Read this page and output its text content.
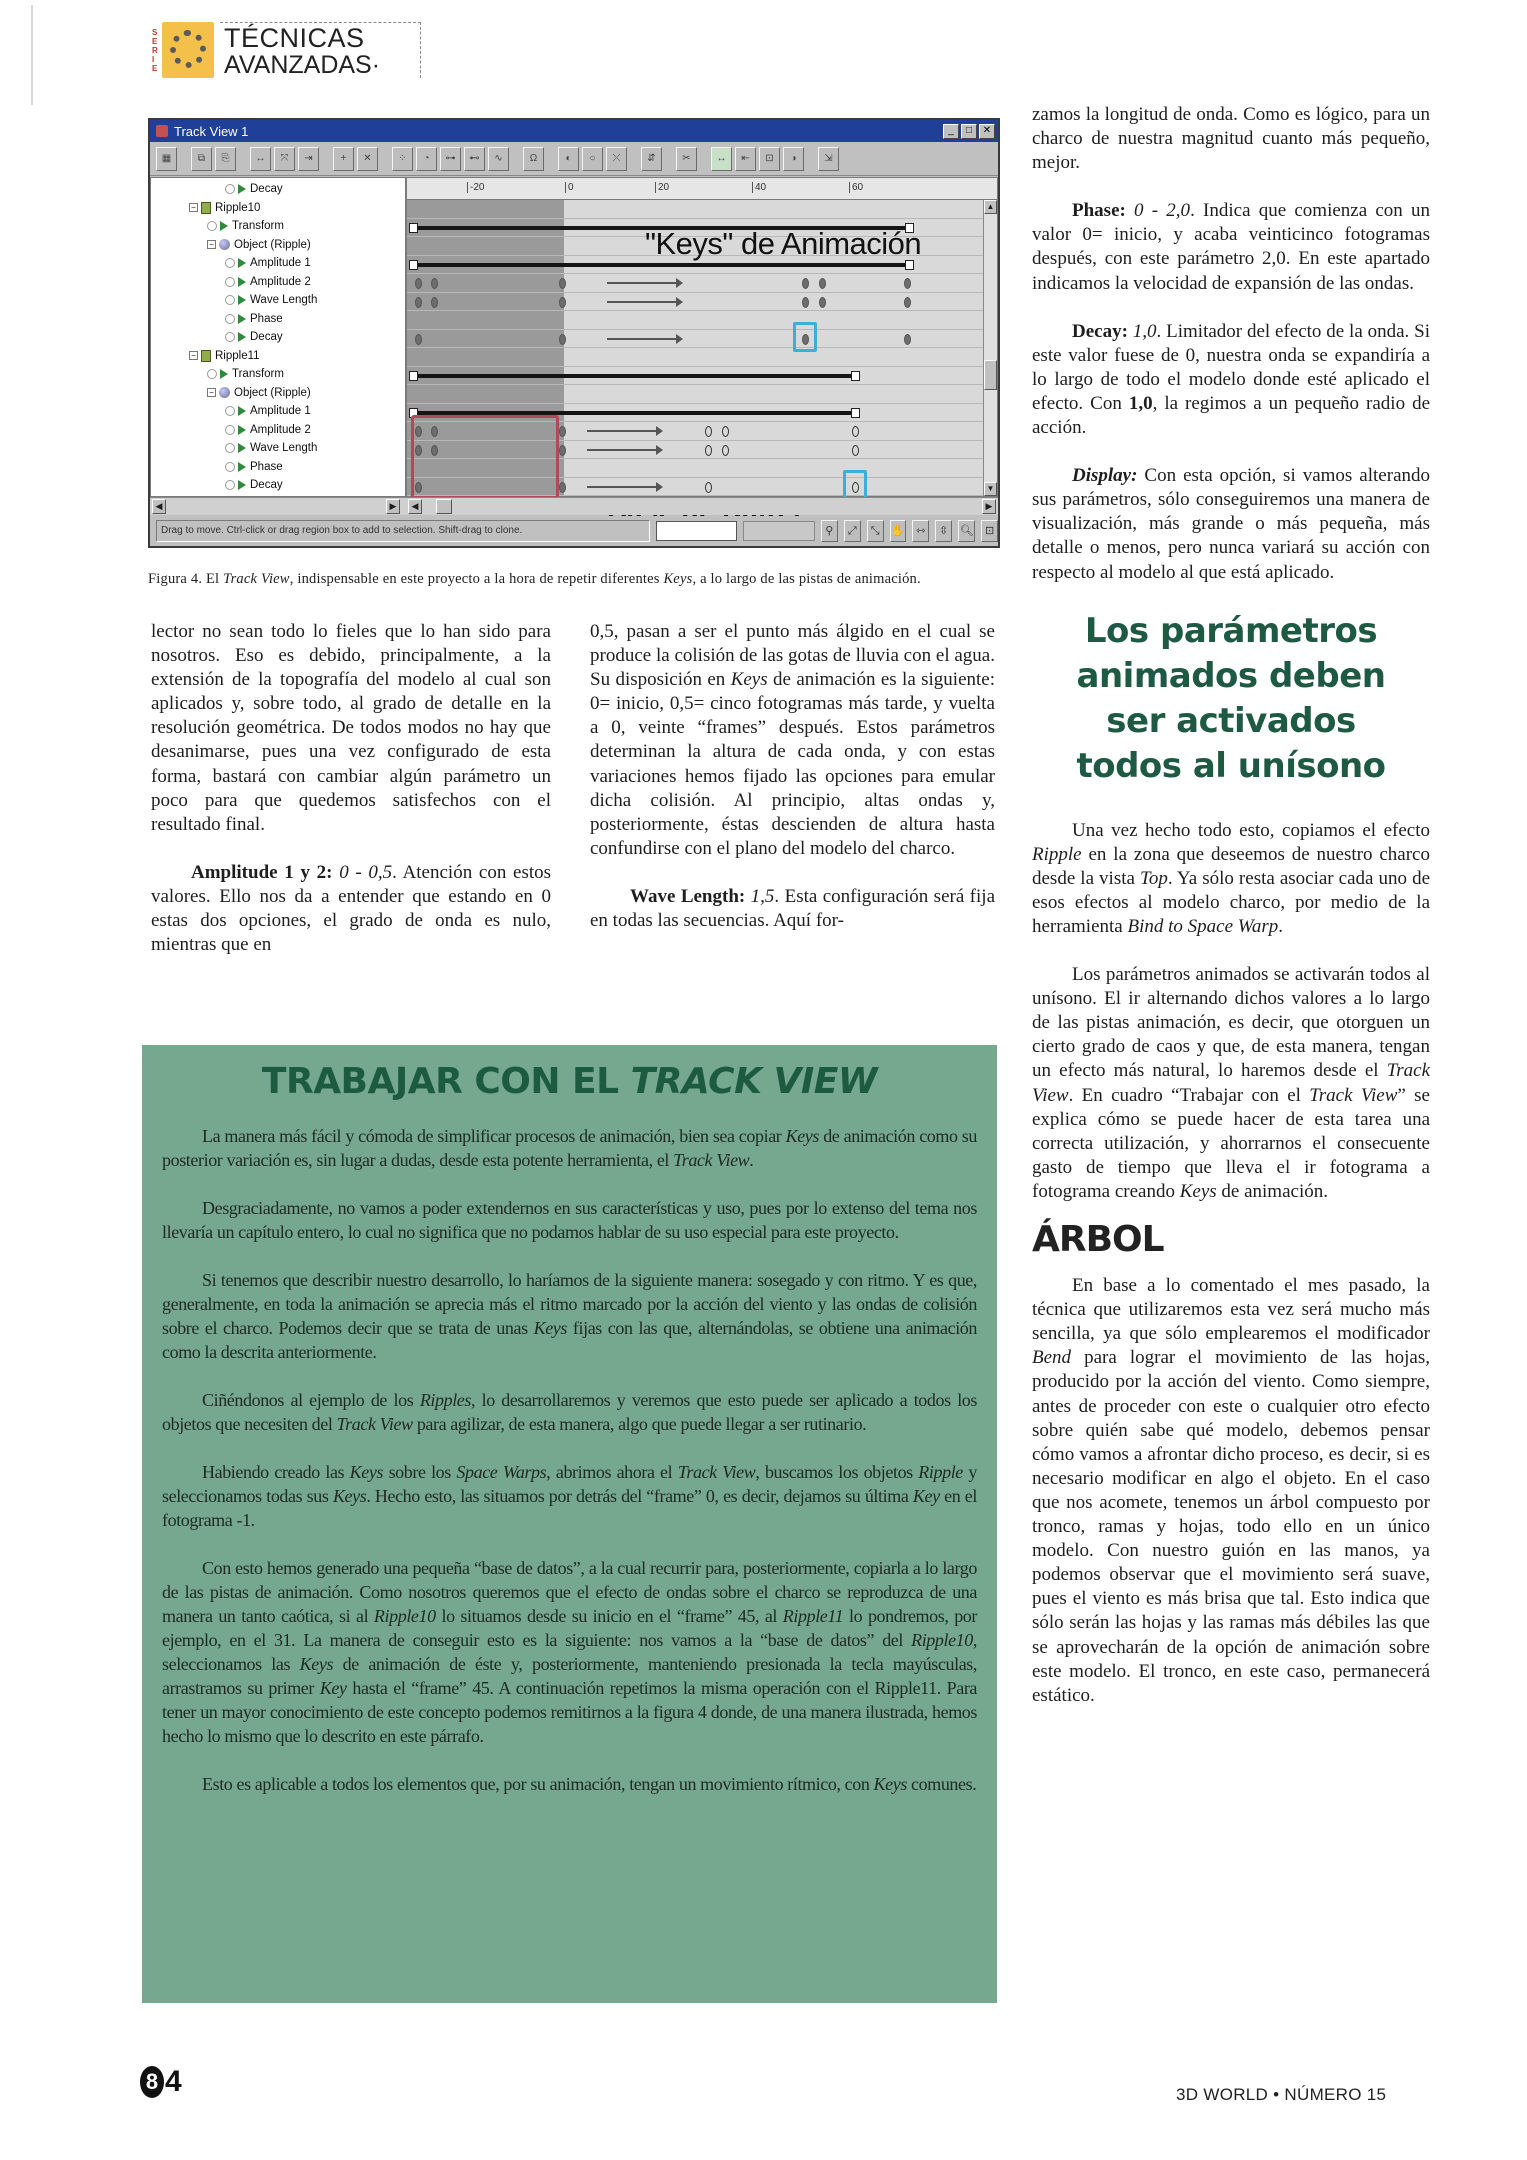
S
E
R
I
E
TÉCNICAS
AVANZADAS·
Track View 1	_	□	✕
▦	⧉	⎘	↔	⤧	⇥	+	✕	⁘	◔	⊶	⊷	∿	Ω	◐	○	⤬	⇵	✂	↔	⇤	⊡	◑	⇲
Decay
− Ripple10
Transform
− Object (Ripple)
Amplitude 1
Amplitude 2
Wave Length
Phase
Decay
− Ripple11
Transform
− Object (Ripple)
Amplitude 1
Amplitude 2
Wave Length
Phase
Decay
-20	0	20	40	60
"Keys" de Animación
▲
▼
◀	▶	◀	▶
Drag to move. Ctrl-click or drag region box to add to selection. Shift-drag to clone.	⚲	⤢	⤡	✋	⇿	⇳	🔍︎	⊡
Figura 4. El Track View, indispensable en este proyecto a la hora de repetir diferentes Keys, a lo largo de las pistas de animación.

lector no sean todo lo fieles que lo han sido para nosotros. Eso es debido, principalmente, a la extensión de la topografía del modelo al cual son aplicados y, sobre todo, al grado de detalle en la resolución geométrica. De todos modos no hay que desanimarse, pues una vez configurado de esta forma, bastará con cambiar algún parámetro un poco para que quedemos satisfechos con el resultado final.

Amplitude 1 y 2: 0 - 0,5. Atención con estos valores. Ello nos da a entender que estando en 0 estas dos opciones, el grado de onda es nulo, mientras que en

0,5, pasan a ser el punto más álgido en el cual se produce la colisión de las gotas de lluvia con el agua. Su disposición en Keys de animación es la siguiente: 0= inicio, 0,5= cinco fotogramas más tarde, y vuelta a 0, veinte “frames” después. Estos parámetros determinan la altura de cada onda, y con estas variaciones hemos fijado las opciones para emular dicha colisión. Al principio, altas ondas y, posteriormente, éstas descienden de altura hasta confundirse con el plano del modelo del charco.

Wave Length: 1,5. Esta configuración será fija en todas las secuencias. Aquí for-

zamos la longitud de onda. Como es lógico, para un charco de nuestra magnitud cuanto más pequeño, mejor.

Phase: 0 - 2,0. Indica que comienza con un valor 0= inicio, y acaba veinticinco fotogramas después, con este parámetro 2,0. En este apartado indicamos la velocidad de expansión de las ondas.

Decay: 1,0. Limitador del efecto de la onda. Si este valor fuese de 0, nuestra onda se expandiría a lo largo de todo el modelo donde esté aplicado el efecto. Con 1,0, la regimos a un pequeño radio de acción.

Display: Con esta opción, si vamos alterando sus parámetros, sólo conseguiremos una manera de visualización, más grande o más pequeña, más detalle o menos, pero nunca variará su acción con respecto al modelo al que está aplicado.

Los parámetros
animados deben
ser activados
todos al unísono

Una vez hecho todo esto, copiamos el efecto Ripple en la zona que deseemos de nuestro charco desde la vista Top. Ya sólo resta asociar cada uno de esos efectos al modelo charco, por medio de la herramienta Bind to Space Warp.

Los parámetros animados se activarán todos al unísono. El ir alternando dichos valores a lo largo de las pistas animación, es decir, que otorguen un cierto grado de caos y que, de esta manera, tengan un efecto más natural, lo haremos desde el Track View. En cuadro “Trabajar con el Track View” se explica cómo se puede hacer de esta tarea una correcta utilización, y ahorrarnos el consecuente gasto de tiempo que lleva el ir fotograma a fotograma creando Keys de animación.

ÁRBOL

En base a lo comentado el mes pasado, la técnica que utilizaremos esta vez será mucho más sencilla, ya que sólo emplearemos el modificador Bend para lograr el movimiento de las hojas, producido por la acción del viento. Como siempre, antes de proceder con este o cualquier otro efecto sobre quién sabe qué modelo, debemos pensar cómo vamos a afrontar dicho proceso, es decir, si es necesario modificar en algo el objeto. En el caso que nos acomete, tenemos un árbol compuesto por tronco, ramas y hojas, todo ello en un único modelo. Con nuestro guión en las manos, ya podemos observar que el movimiento será suave, pues el viento es más brisa que tal. Esto indica que sólo serán las hojas y las ramas más débiles las que se aprovecharán de la opción de animación sobre este modelo. El tronco, en este caso, permanecerá estático.

TRABAJAR CON EL TRACK VIEW

La manera más fácil y cómoda de simplificar procesos de animación, bien sea copiar Keys de animación como su posterior variación es, sin lugar a dudas, desde esta potente herramienta, el Track View.

Desgraciadamente, no vamos a poder extendernos en sus características y uso, pues por lo extenso del tema nos llevaría un capítulo entero, lo cual no significa que no podamos hablar de su uso especial para este proyecto.

Si tenemos que describir nuestro desarrollo, lo haríamos de la siguiente manera: sosegado y con ritmo. Y es que, generalmente, en toda la animación se aprecia más el ritmo marcado por la acción del viento y las ondas de colisión sobre el charco. Podemos decir que se trata de unas Keys fijas con las que, alternándolas, se obtiene una animación como la descrita anteriormente.

Ciñéndonos al ejemplo de los Ripples, lo desarrollaremos y veremos que esto puede ser aplicado a todos los objetos que necesiten del Track View para agilizar, de esta manera, algo que puede llegar a ser rutinario.

Habiendo creado las Keys sobre los Space Warps, abrimos ahora el Track View, buscamos los objetos Ripple y seleccionamos todas sus Keys. Hecho esto, las situamos por detrás del “frame” 0, es decir, dejamos su última Key en el fotograma -1.

Con esto hemos generado una pequeña “base de datos”, a la cual recurrir para, posteriormente, copiarla a lo largo de las pistas de animación. Como nosotros queremos que el efecto de ondas sobre el charco se reproduzca de una manera un tanto caótica, si al Ripple10 lo situamos desde su inicio en el “frame” 45, al Ripple11 lo pondremos, por ejemplo, en el 31. La manera de conseguir esto es la siguiente: nos vamos a la “base de datos” del Ripple10, seleccionamos las Keys de animación de éste y, posteriormente, manteniendo presionada la tecla mayúsculas, arrastramos su primer Key hasta el “frame” 45. A continuación repetimos la misma operación con el Ripple11. Para tener un mayor conocimiento de este concepto podemos remitirnos a la figura 4 donde, de una manera ilustrada, hemos hecho lo mismo que lo descrito en este párrafo.

Esto es aplicable a todos los elementos que, por su animación, tengan un movimiento rítmico, con Keys comunes.

8 4	3D WORLD • NÚMERO 15
